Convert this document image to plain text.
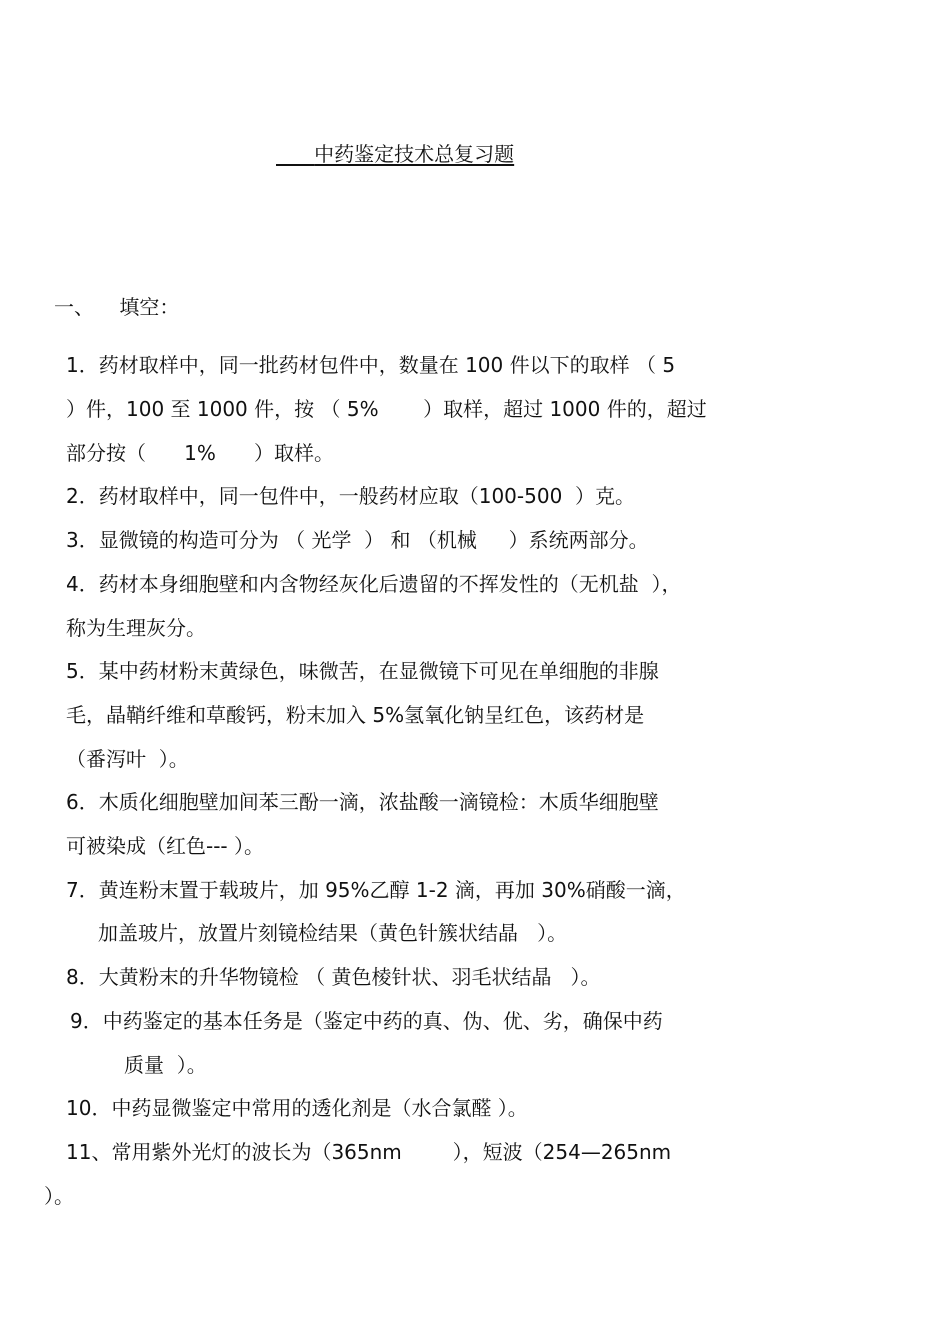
中药鉴定技术总复习题
一、    填空：
1．药材取样中，同一批药材包件中，数量在 100 件以下的取样 （ 5
）件，100 至 1000 件，按 （ 5%       ）取样，超过 1000 件的，超过
部分按（      1%      ）取样。
2．药材取样中，同一包件中，一般药材应取（100-500  ）克。
3．显微镜的构造可分为 （ 光学  ） 和 （机械     ）系统两部分。
4．药材本身细胞壁和内含物经灰化后遗留的不挥发性的（无机盐  ），
称为生理灰分。
5．某中药材粉末黄绿色，味微苦，在显微镜下可见在单细胞的非腺
毛，晶鞘纤维和草酸钙，粉末加入 5%氢氧化钠呈红色，该药材是
（番泻叶  ）。
6．木质化细胞壁加间苯三酚一滴，浓盐酸一滴镜检：木质华细胞壁
可被染成（红色--- ）。
7．黄连粉末置于载玻片，加 95%乙醇 1-2 滴，再加 30%硝酸一滴，
加盖玻片，放置片刻镜检结果（黄色针簇状结晶   ）。
8．大黄粉末的升华物镜检 （ 黄色棱针状、羽毛状结晶   ）。
9．中药鉴定的基本任务是（鉴定中药的真、伪、优、劣，确保中药
质量  ）。
10．中药显微鉴定中常用的透化剂是（水合氯醛 ）。
11、常用紫外光灯的波长为（365nm        ），短波（254—265nm
）。
